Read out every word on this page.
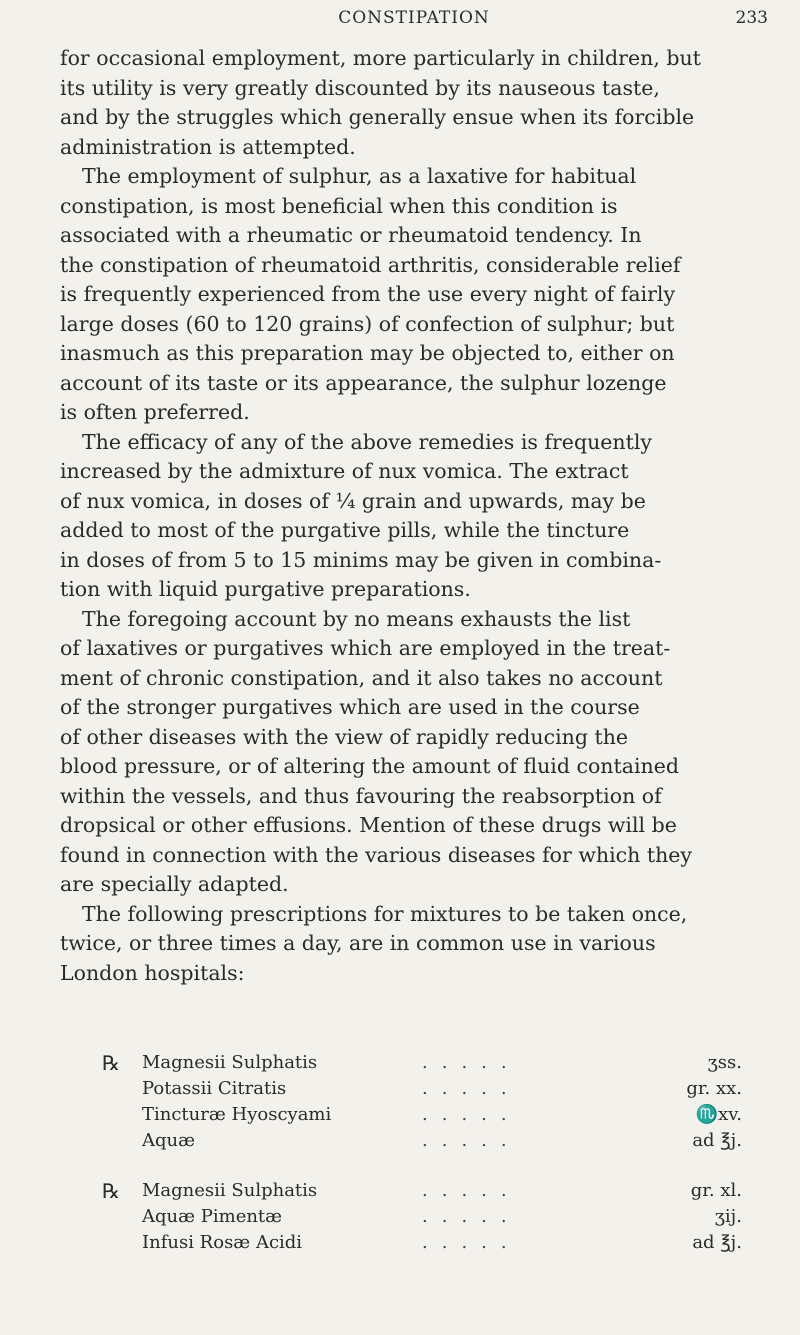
CONSTIPATION	233

for occasional employment, more particularly in children, but
its utility is very greatly discounted by its nauseous taste,
and by the struggles which generally ensue when its forcible
administration is attempted.

The employment of sulphur, as a laxative for habitual
constipation, is most beneficial when this condition is
associated with a rheumatic or rheumatoid tendency. In
the constipation of rheumatoid arthritis, considerable relief
is frequently experienced from the use every night of fairly
large doses (60 to 120 grains) of confection of sulphur; but
inasmuch as this preparation may be objected to, either on
account of its taste or its appearance, the sulphur lozenge
is often preferred.

The efficacy of any of the above remedies is frequently
increased by the admixture of nux vomica. The extract
of nux vomica, in doses of ¼ grain and upwards, may be
added to most of the purgative pills, while the tincture
in doses of from 5 to 15 minims may be given in combina-
tion with liquid purgative preparations.

The foregoing account by no means exhausts the list
of laxatives or purgatives which are employed in the treat-
ment of chronic constipation, and it also takes no account
of the stronger purgatives which are used in the course
of other diseases with the view of rapidly reducing the
blood pressure, or of altering the amount of fluid contained
within the vessels, and thus favouring the reabsorption of
dropsical or other effusions. Mention of these drugs will be
found in connection with the various diseases for which they
are specially adapted.

The following prescriptions for mixtures to be taken once,
twice, or three times a day, are in common use in various
London hospitals:

℞ Magnesii Sulphatis	.....	ʒss.
Potassii Citratis	.....	gr. xx.
Tincturæ Hyoscyami	.....	♏xv.
Aquæ	.....	ad ℥j.
℞ Magnesii Sulphatis	.....	gr. xl.
Aquæ Pimentæ	.....	ʒij.
Infusi Rosæ Acidi	.....	ad ℥j.
